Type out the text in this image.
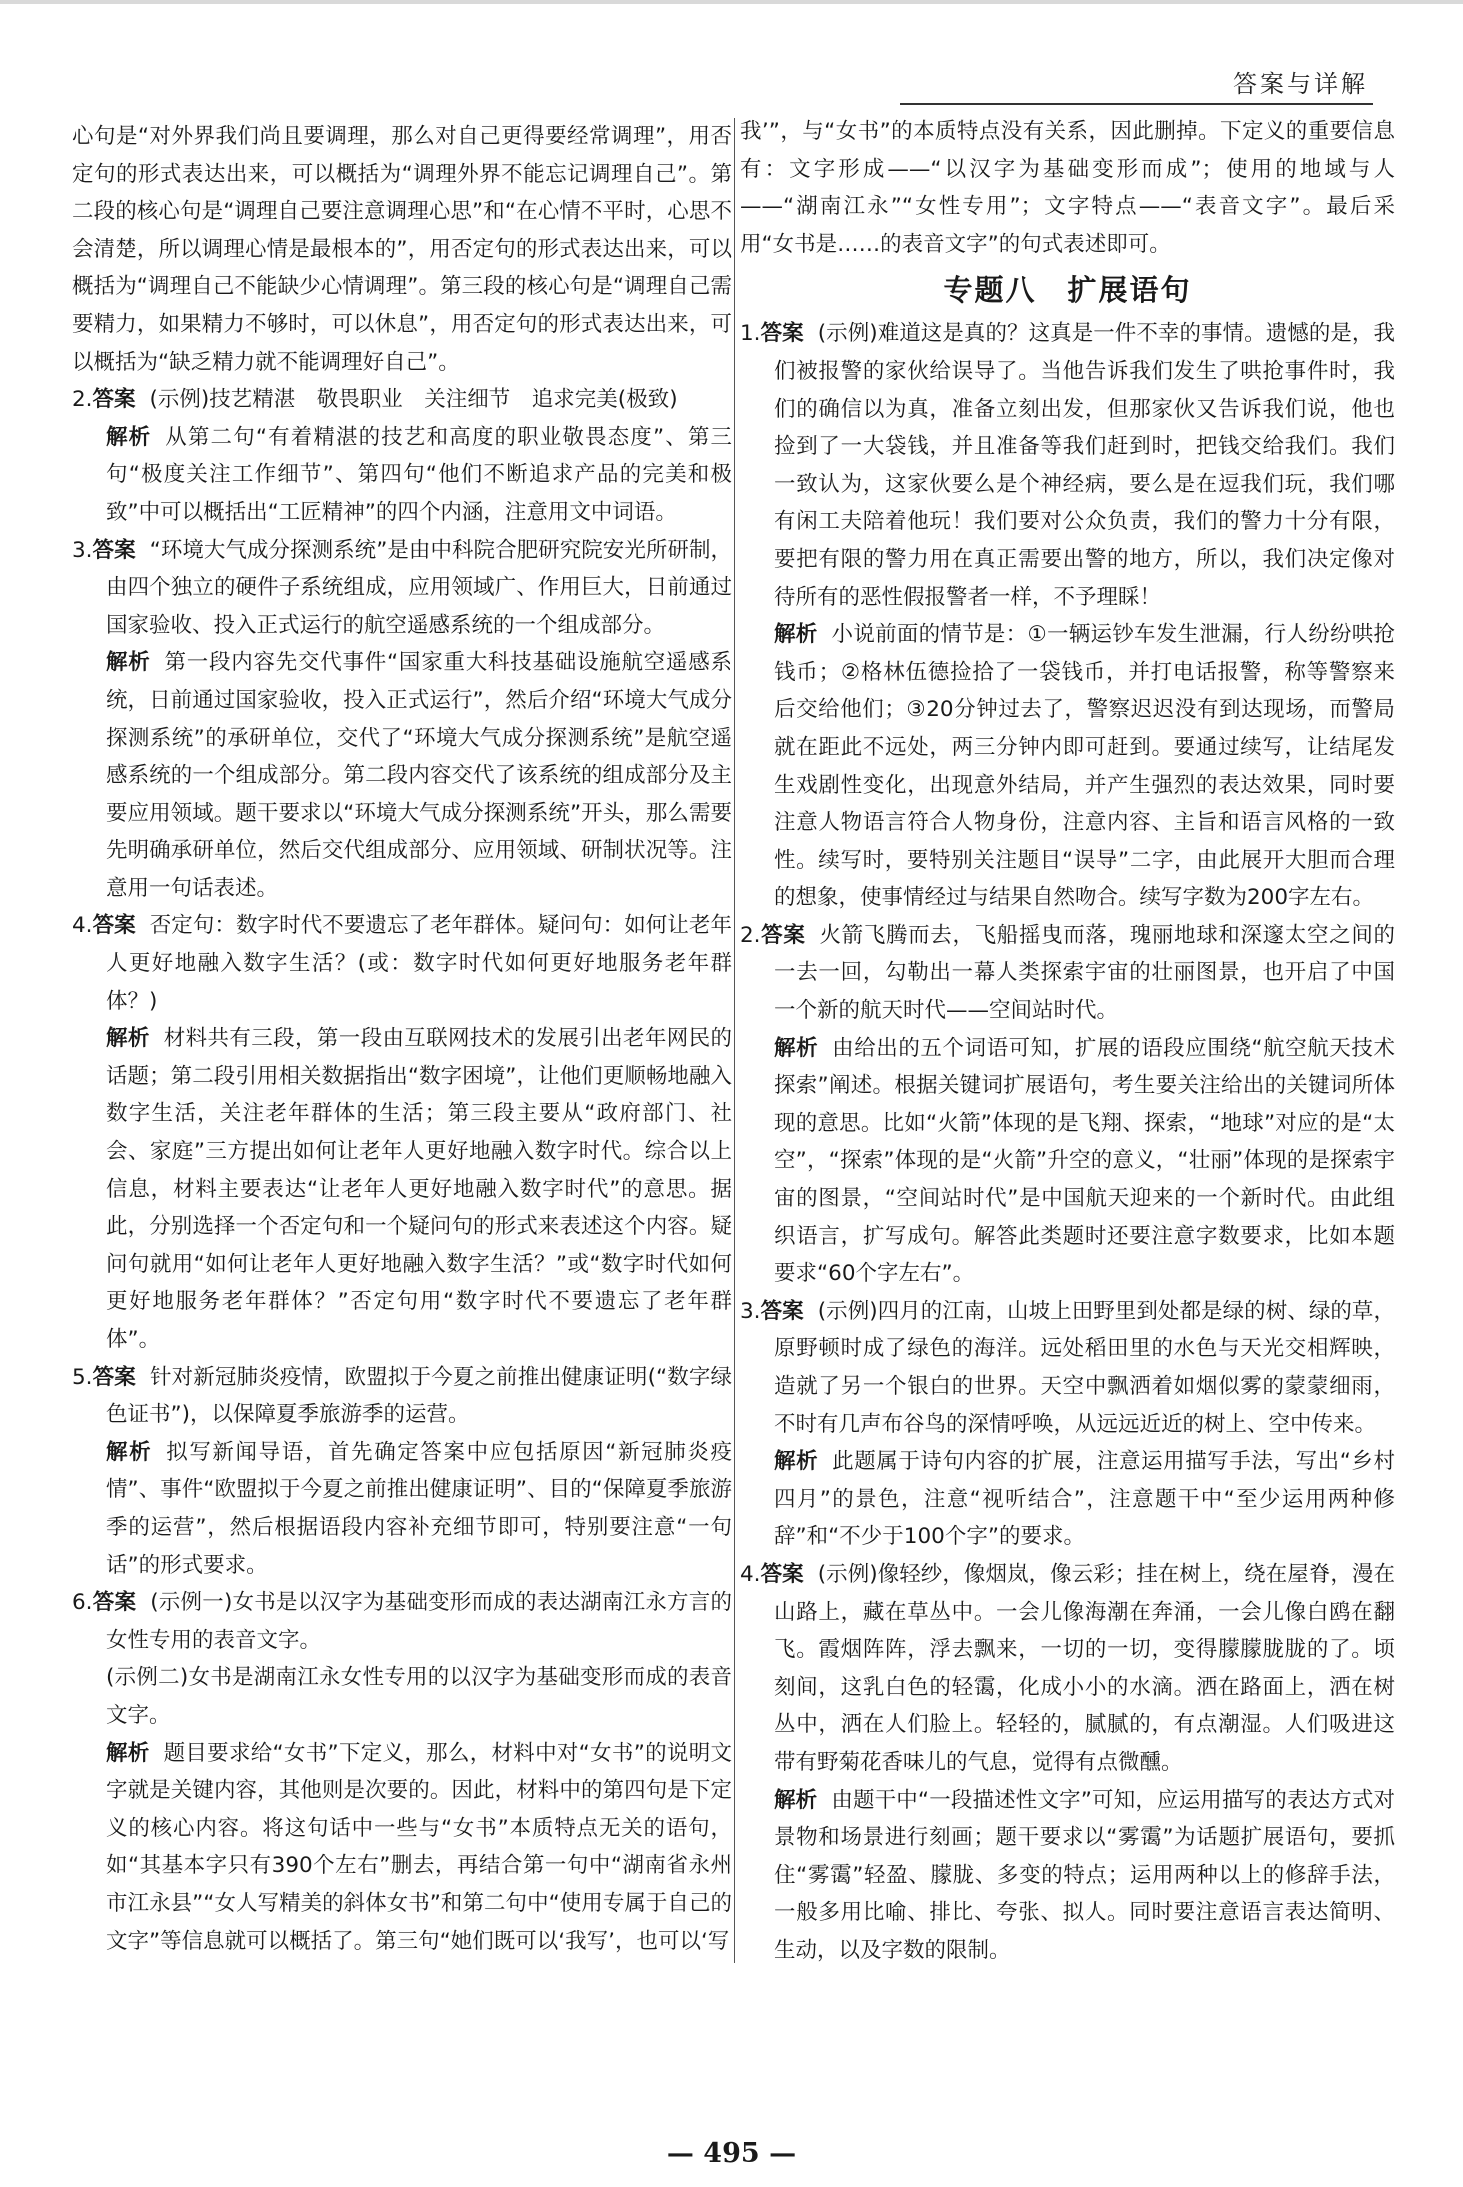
答案与详解

心句是“对外界我们尚且要调理，那么对自己更得要经常调理”，用否定句的形式表达出来，可以概括为“调理外界不能忘记调理自己”。第二段的核心句是“调理自己要注意调理心思”和“在心情不平时，心思不会清楚，所以调理心情是最根本的”，用否定句的形式表达出来，可以概括为“调理自己不能缺少心情调理”。第三段的核心句是“调理自己需要精力，如果精力不够时，可以休息”，用否定句的形式表达出来，可以概括为“缺乏精力就不能调理好自己”。

2.答案 (示例)技艺精湛　敬畏职业　关注细节　追求完美(极致)

解析 从第二句“有着精湛的技艺和高度的职业敬畏态度”、第三句“极度关注工作细节”、第四句“他们不断追求产品的完美和极致”中可以概括出“工匠精神”的四个内涵，注意用文中词语。

3.答案 “环境大气成分探测系统”是由中科院合肥研究院安光所研制，由四个独立的硬件子系统组成，应用领域广、作用巨大，日前通过国家验收、投入正式运行的航空遥感系统的一个组成部分。

解析 第一段内容先交代事件“国家重大科技基础设施航空遥感系统，日前通过国家验收，投入正式运行”，然后介绍“环境大气成分探测系统”的承研单位，交代了“环境大气成分探测系统”是航空遥感系统的一个组成部分。第二段内容交代了该系统的组成部分及主要应用领域。题干要求以“环境大气成分探测系统”开头，那么需要先明确承研单位，然后交代组成部分、应用领域、研制状况等。注意用一句话表述。

4.答案 否定句：数字时代不要遗忘了老年群体。疑问句：如何让老年人更好地融入数字生活？(或：数字时代如何更好地服务老年群体？)

解析 材料共有三段，第一段由互联网技术的发展引出老年网民的话题；第二段引用相关数据指出“数字困境”，让他们更顺畅地融入数字生活，关注老年群体的生活；第三段主要从“政府部门、社会、家庭”三方提出如何让老年人更好地融入数字时代。综合以上信息，材料主要表达“让老年人更好地融入数字时代”的意思。据此，分别选择一个否定句和一个疑问句的形式来表述这个内容。疑问句就用“如何让老年人更好地融入数字生活？”或“数字时代如何更好地服务老年群体？”否定句用“数字时代不要遗忘了老年群体”。

5.答案 针对新冠肺炎疫情，欧盟拟于今夏之前推出健康证明(“数字绿色证书”)，以保障夏季旅游季的运营。

解析 拟写新闻导语，首先确定答案中应包括原因“新冠肺炎疫情”、事件“欧盟拟于今夏之前推出健康证明”、目的“保障夏季旅游季的运营”，然后根据语段内容补充细节即可，特别要注意“一句话”的形式要求。

6.答案 (示例一)女书是以汉字为基础变形而成的表达湖南江永方言的女性专用的表音文字。

(示例二)女书是湖南江永女性专用的以汉字为基础变形而成的表音文字。

解析 题目要求给“女书”下定义，那么，材料中对“女书”的说明文字就是关键内容，其他则是次要的。因此，材料中的第四句是下定义的核心内容。将这句话中一些与“女书”本质特点无关的语句，如“其基本字只有390个左右”删去，再结合第一句中“湖南省永州市江永县”“女人写精美的斜体女书”和第二句中“使用专属于自己的文字”等信息就可以概括了。第三句“她们既可以‘我写’，也可以‘写

我’”，与“女书”的本质特点没有关系，因此删掉。下定义的重要信息有：文字形成——“以汉字为基础变形而成”；使用的地域与人——“湖南江永”“女性专用”；文字特点——“表音文字”。最后采用“女书是……的表音文字”的句式表述即可。

专题八　扩展语句

1.答案 (示例)难道这是真的？这真是一件不幸的事情。遗憾的是，我们被报警的家伙给误导了。当他告诉我们发生了哄抢事件时，我们的确信以为真，准备立刻出发，但那家伙又告诉我们说，他也捡到了一大袋钱，并且准备等我们赶到时，把钱交给我们。我们一致认为，这家伙要么是个神经病，要么是在逗我们玩，我们哪有闲工夫陪着他玩！我们要对公众负责，我们的警力十分有限，要把有限的警力用在真正需要出警的地方，所以，我们决定像对待所有的恶性假报警者一样，不予理睬！

解析 小说前面的情节是：①一辆运钞车发生泄漏，行人纷纷哄抢钱币；②格林伍德捡拾了一袋钱币，并打电话报警，称等警察来后交给他们；③20分钟过去了，警察迟迟没有到达现场，而警局就在距此不远处，两三分钟内即可赶到。要通过续写，让结尾发生戏剧性变化，出现意外结局，并产生强烈的表达效果，同时要注意人物语言符合人物身份，注意内容、主旨和语言风格的一致性。续写时，要特别关注题目“误导”二字，由此展开大胆而合理的想象，使事情经过与结果自然吻合。续写字数为200字左右。

2.答案 火箭飞腾而去，飞船摇曳而落，瑰丽地球和深邃太空之间的一去一回，勾勒出一幕人类探索宇宙的壮丽图景，也开启了中国一个新的航天时代——空间站时代。

解析 由给出的五个词语可知，扩展的语段应围绕“航空航天技术探索”阐述。根据关键词扩展语句，考生要关注给出的关键词所体现的意思。比如“火箭”体现的是飞翔、探索，“地球”对应的是“太空”，“探索”体现的是“火箭”升空的意义，“壮丽”体现的是探索宇宙的图景，“空间站时代”是中国航天迎来的一个新时代。由此组织语言，扩写成句。解答此类题时还要注意字数要求，比如本题要求“60个字左右”。

3.答案 (示例)四月的江南，山坡上田野里到处都是绿的树、绿的草，原野顿时成了绿色的海洋。远处稻田里的水色与天光交相辉映，造就了另一个银白的世界。天空中飘洒着如烟似雾的蒙蒙细雨，不时有几声布谷鸟的深情呼唤，从远远近近的树上、空中传来。

解析 此题属于诗句内容的扩展，注意运用描写手法，写出“乡村四月”的景色，注意“视听结合”，注意题干中“至少运用两种修辞”和“不少于100个字”的要求。

4.答案 (示例)像轻纱，像烟岚，像云彩；挂在树上，绕在屋脊，漫在山路上，藏在草丛中。一会儿像海潮在奔涌，一会儿像白鸥在翻飞。霞烟阵阵，浮去飘来，一切的一切，变得朦朦胧胧的了。顷刻间，这乳白色的轻霭，化成小小的水滴。洒在路面上，洒在树丛中，洒在人们脸上。轻轻的，腻腻的，有点潮湿。人们吸进这带有野菊花香味儿的气息，觉得有点微醺。

解析 由题干中“一段描述性文字”可知，应运用描写的表达方式对景物和场景进行刻画；题干要求以“雾霭”为话题扩展语句，要抓住“雾霭”轻盈、朦胧、多变的特点；运用两种以上的修辞手法，一般多用比喻、排比、夸张、拟人。同时要注意语言表达简明、生动，以及字数的限制。

— 495 —
